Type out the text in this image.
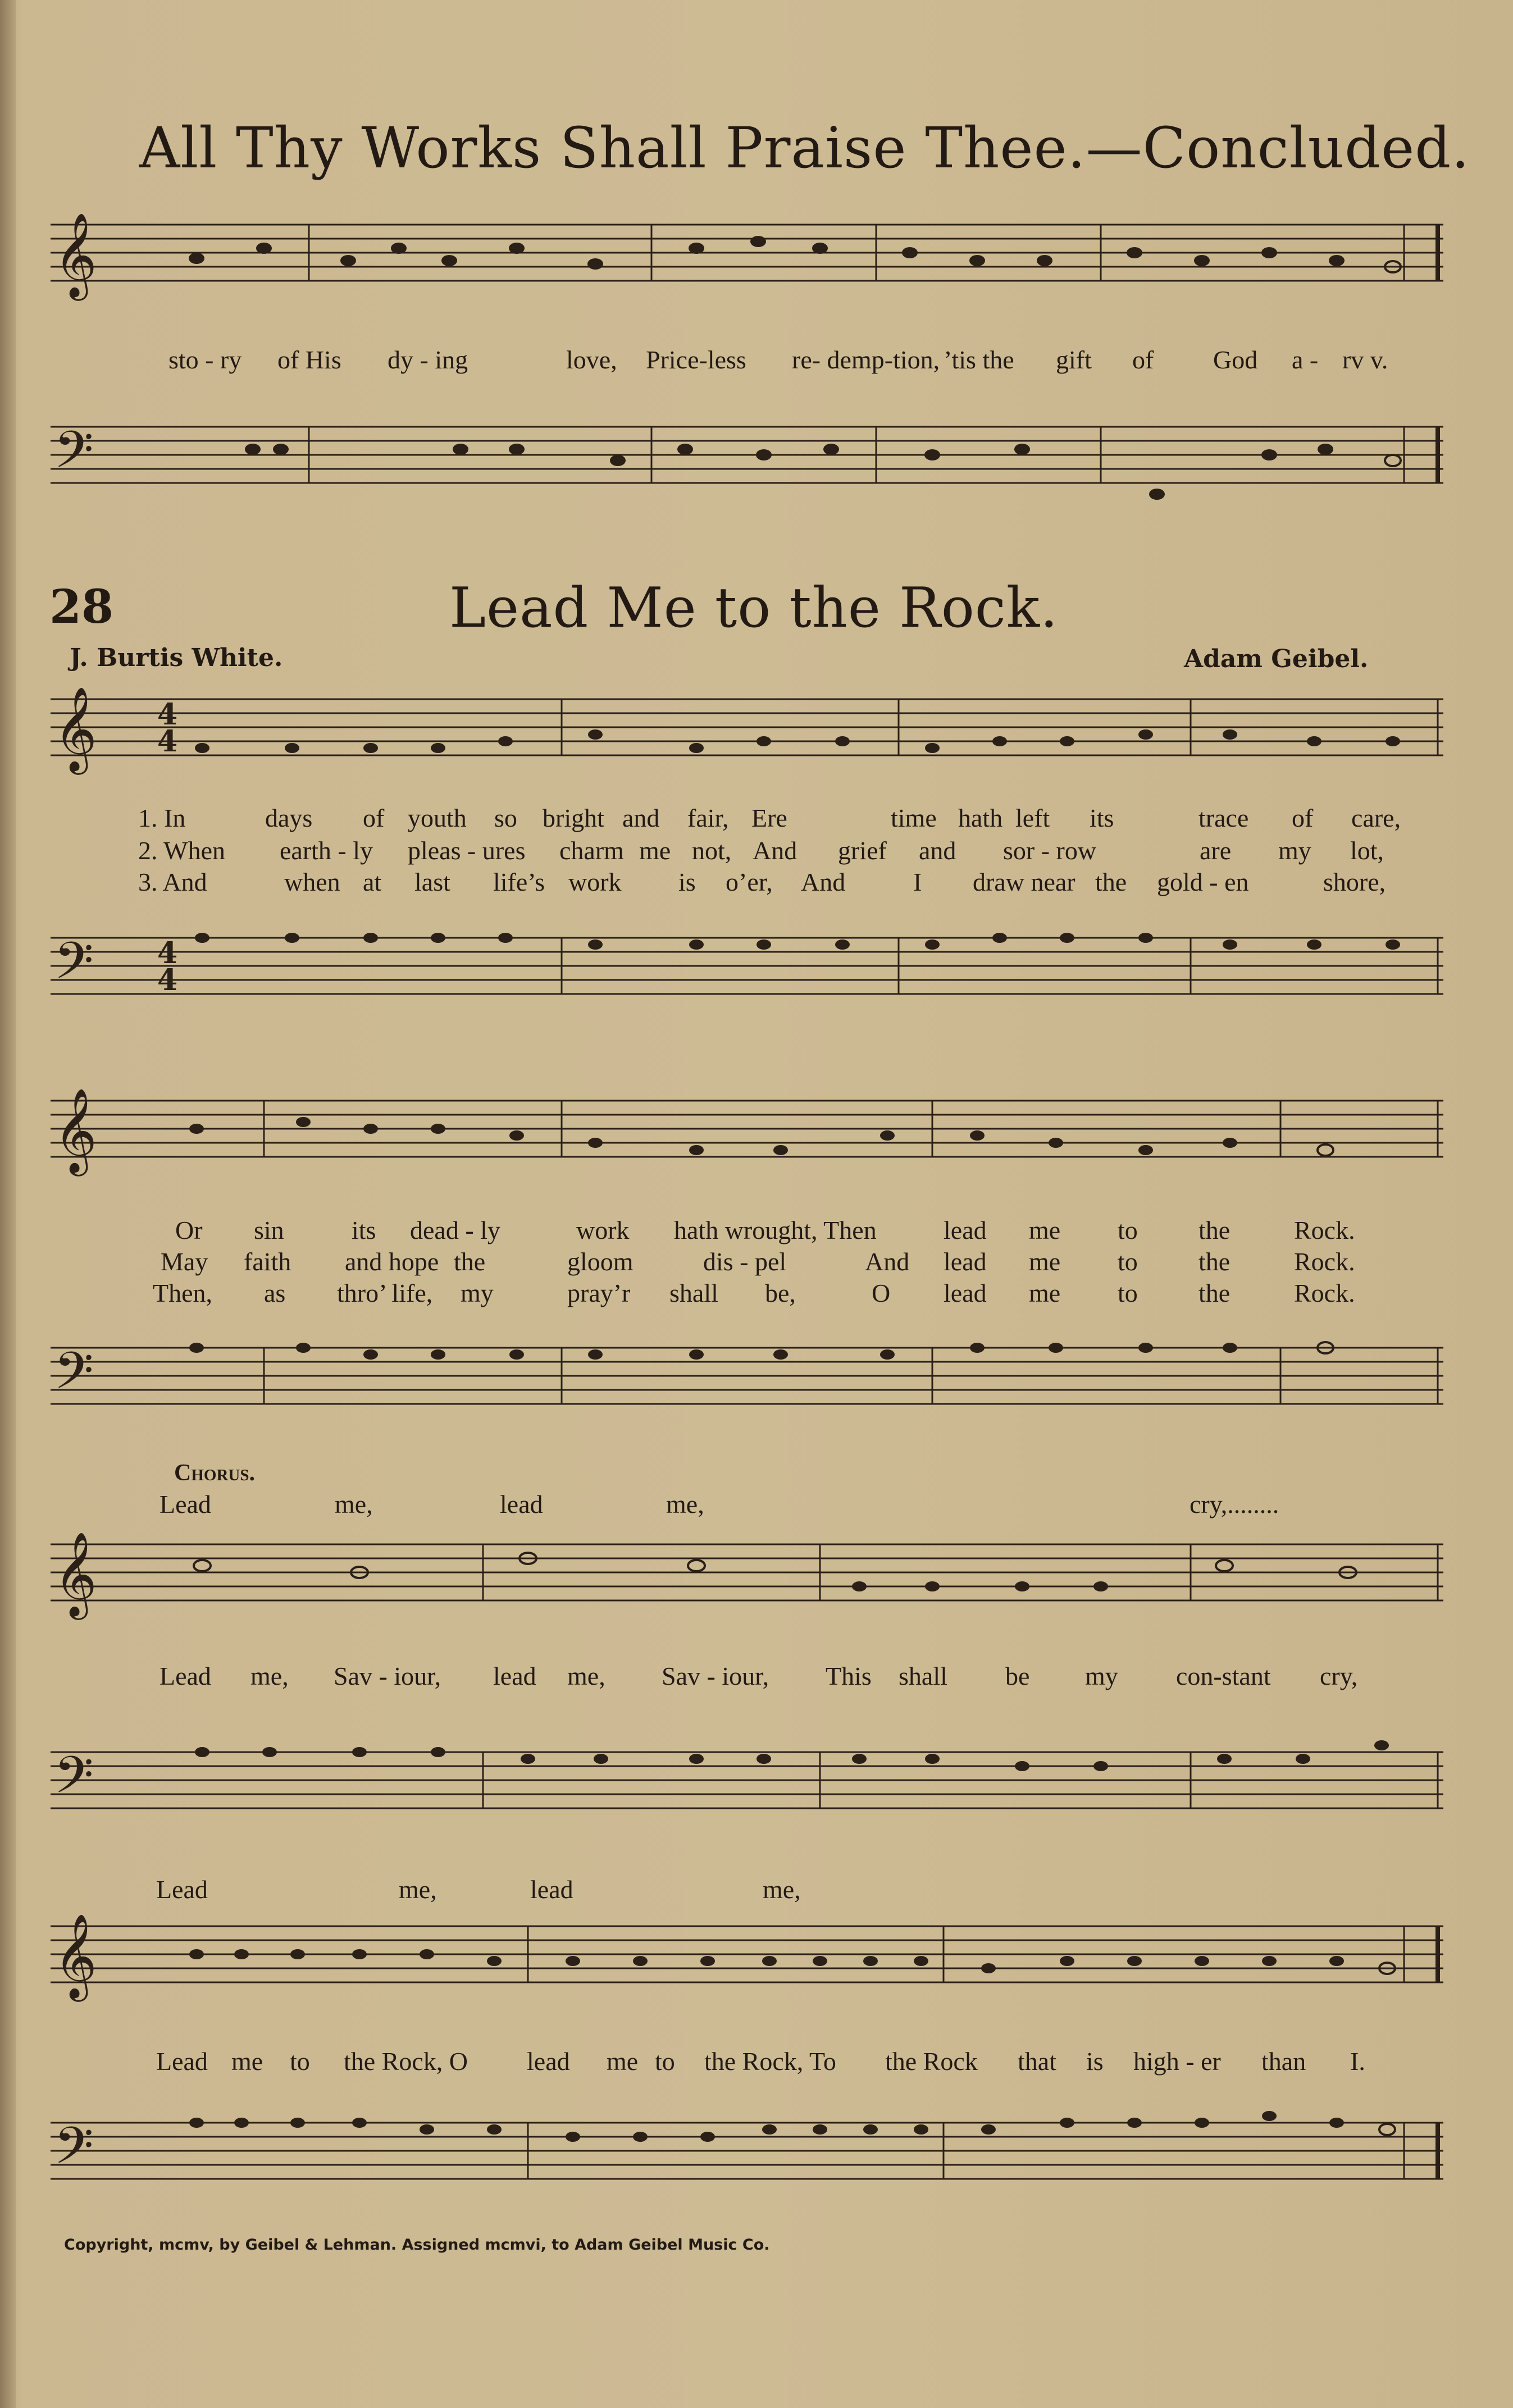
All Thy Works Shall Praise Thee.—Concluded.
𝄞
sto - ry of His dy - ing	love, Price-less re- demp-tion, ’tis the gift of God a - rv v.
𝄢
28	Lead Me to the Rock.
J. Burtis White.	Adam Geibel.
𝄞 4
4
1. In	days of youth so bright and fair, Ere	time hath left its	trace of care,
2. When earth - ly pleas - ures charm me not, And grief and sor - row	are my lot,
3. And	when at last life’s work is o’er, And	I draw near the gold - en	shore,
𝄢 4
4
𝄞
Or sin	its dead - ly	work hath wrought, Then	lead me to the Rock.
May faith and hope the	gloom	dis - pel	And lead me to the Rock.
Then, as thro’ life, my	pray’r shall be,	O lead me to the Rock.
𝄢
Chorus.
Lead	me,	lead	me,	cry,........
𝄞
Lead me, Sav - iour, lead me, Sav - iour, This shall be my con-stant cry,
𝄢
Lead	me,	lead	me,
𝄞
Lead me to the Rock, O lead me to the Rock, To the Rock that is high - er than I.
𝄢
Copyright, mcmv, by Geibel & Lehman. Assigned mcmvi, to Adam Geibel Music Co.
